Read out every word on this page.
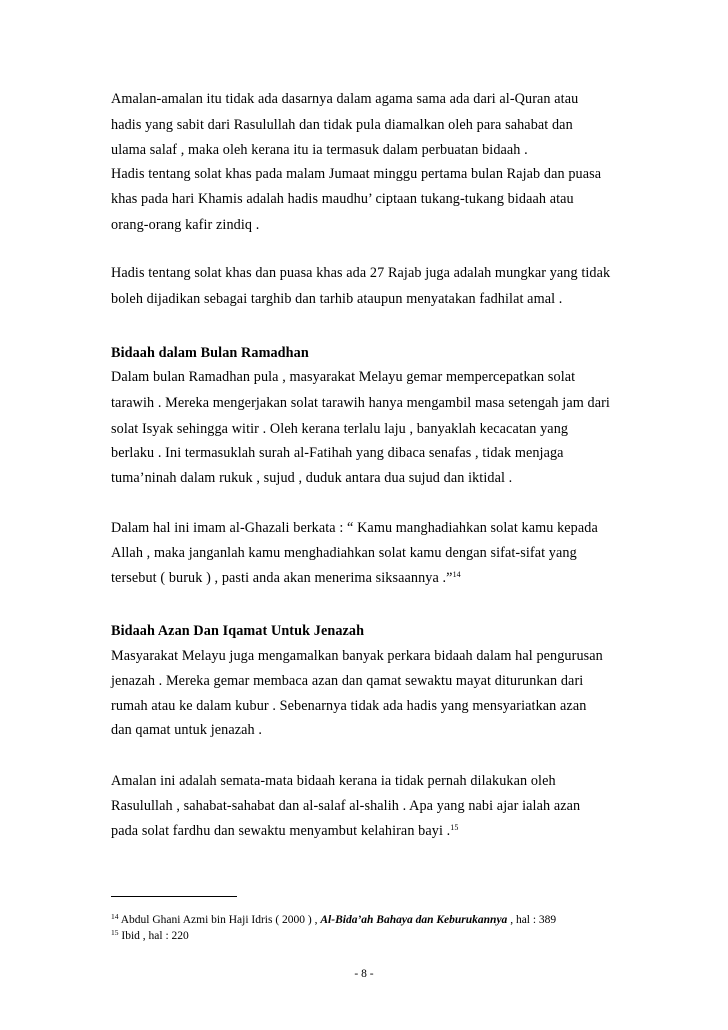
Amalan-amalan itu tidak ada dasarnya dalam agama sama ada dari al-Quran atau
hadis yang sabit dari Rasulullah dan tidak pula diamalkan oleh para sahabat dan
ulama salaf , maka oleh kerana itu ia termasuk dalam perbuatan bidaah .
Hadis tentang solat khas pada malam Jumaat minggu pertama bulan Rajab dan puasa
khas pada hari Khamis adalah hadis maudhu’ ciptaan tukang-tukang bidaah atau
orang-orang kafir zindiq .
Hadis tentang solat khas dan puasa khas ada 27 Rajab juga adalah mungkar yang tidak
boleh dijadikan sebagai targhib dan tarhib ataupun menyatakan fadhilat amal .
Bidaah dalam Bulan Ramadhan
Dalam bulan Ramadhan pula , masyarakat Melayu gemar mempercepatkan solat
tarawih . Mereka mengerjakan solat tarawih hanya mengambil masa setengah jam dari
solat Isyak sehingga witir . Oleh kerana terlalu laju , banyaklah kecacatan yang
berlaku . Ini termasuklah surah al-Fatihah yang dibaca senafas , tidak menjaga
tuma’ninah dalam rukuk , sujud , duduk antara dua sujud dan iktidal .
Dalam hal ini imam al-Ghazali berkata : “ Kamu manghadiahkan solat kamu kepada
Allah , maka janganlah kamu menghadiahkan solat kamu dengan sifat-sifat yang
tersebut ( buruk ) , pasti anda akan menerima siksaannya .”$^{14}$
Bidaah Azan Dan Iqamat Untuk Jenazah
Masyarakat Melayu juga mengamalkan banyak perkara bidaah dalam hal pengurusan
jenazah . Mereka gemar membaca azan dan qamat sewaktu mayat diturunkan dari
rumah atau ke dalam kubur . Sebenarnya tidak ada hadis yang mensyariatkan azan
dan qamat untuk jenazah .
Amalan ini adalah semata-mata bidaah kerana ia tidak pernah dilakukan oleh
Rasulullah , sahabat-sahabat dan al-salaf al-shalih . Apa yang nabi ajar ialah azan
pada solat fardhu dan sewaktu menyambut kelahiran bayi .$^{15}$
$^{14}$ Abdul Ghani Azmi bin Haji Idris ( 2000 ) , Al-Bida’ah Bahaya dan Keburukannya , hal : 389
$^{15}$ Ibid , hal : 220
- 8 -
